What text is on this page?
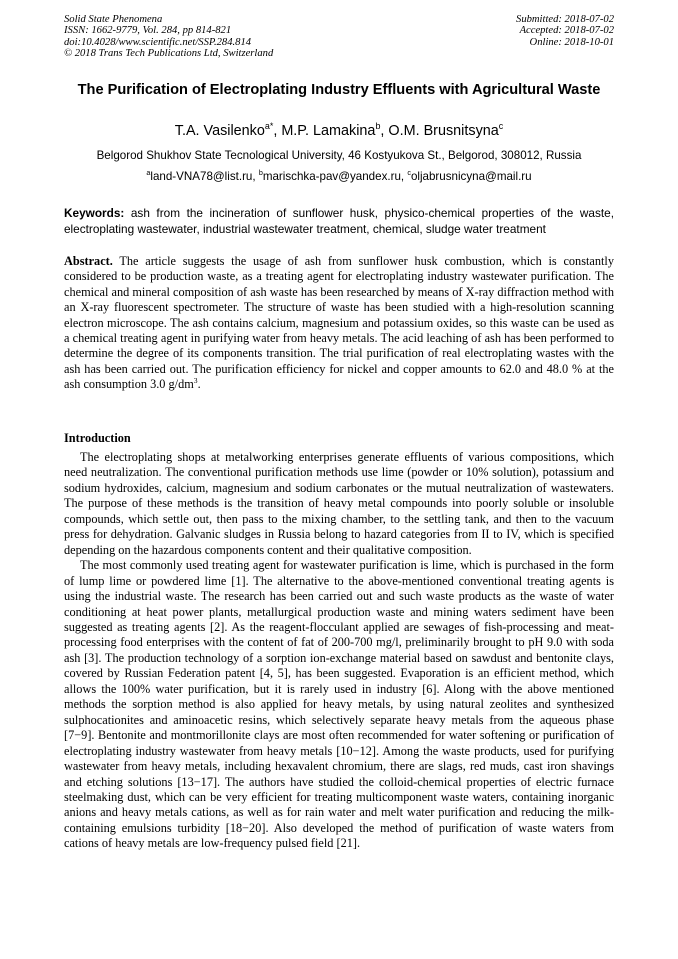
Solid State Phenomena
ISSN: 1662-9779, Vol. 284, pp 814-821
doi:10.4028/www.scientific.net/SSP.284.814
© 2018 Trans Tech Publications Ltd, Switzerland
Submitted: 2018-07-02
Accepted: 2018-07-02
Online: 2018-10-01
The Purification of Electroplating Industry Effluents with Agricultural Waste
T.A. Vasilenko$^{a*}$, M.P. Lamakina$^b$, O.M. Brusnitsyna$^c$
Belgorod Shukhov State Tecnological University, 46 Kostyukova St., Belgorod, 308012, Russia
$^a$land-VNA78@list.ru, $^b$marischka-pav@yandex.ru, $^c$oljabrusnicyna@mail.ru
Keywords: ash from the incineration of sunflower husk, physico-chemical properties of the waste, electroplating wastewater, industrial wastewater treatment, chemical, sludge water treatment
Abstract. The article suggests the usage of ash from sunflower husk combustion, which is constantly considered to be production waste, as a treating agent for electroplating industry wastewater purification. The chemical and mineral composition of ash waste has been researched by means of X-ray diffraction method with an X-ray fluorescent spectrometer. The structure of waste has been studied with a high-resolution scanning electron microscope. The ash contains calcium, magnesium and potassium oxides, so this waste can be used as a chemical treating agent in purifying water from heavy metals. The acid leaching of ash has been performed to determine the degree of its components transition. The trial purification of real electroplating wastes with the ash has been carried out. The purification efficiency for nickel and copper amounts to 62.0 and 48.0 % at the ash consumption 3.0 $g/dm^3$.
Introduction

The electroplating shops at metalworking enterprises generate effluents of various compositions, which need neutralization. The conventional purification methods use lime (powder or 10% solution), potassium and sodium hydroxides, calcium, magnesium and sodium carbonates or the mutual neutralization of wastewaters. The purpose of these methods is the transition of heavy metal compounds into poorly soluble or insoluble compounds, which settle out, then pass to the mixing chamber, to the settling tank, and then to the vacuum press for dehydration. Galvanic sludges in Russia belong to hazard categories from II to IV, which is specified depending on the hazardous components content and their qualitative composition.

The most commonly used treating agent for wastewater purification is lime, which is purchased in the form of lump lime or powdered lime [1]. The alternative to the above-mentioned conventional treating agents is using the industrial waste. The research has been carried out and such waste products as the waste of water conditioning at heat power plants, metallurgical production waste and mining waters sediment have been suggested as treating agents [2]. As the reagent-flocculant applied are sewages of fish-processing and meat-processing food enterprises with the content of fat of 200-700 mg/l, preliminarily brought to pH 9.0 with soda ash [3]. The production technology of a sorption ion-exchange material based on sawdust and bentonite clays, covered by Russian Federation patent [4, 5], has been suggested. Evaporation is an efficient method, which allows the 100% water purification, but it is rarely used in industry [6]. Along with the above mentioned methods the sorption method is also applied for heavy metals, by using natural zeolites and synthesized sulphocationites and aminoacetic resins, which selectively separate heavy metals from the aqueous phase [7−9]. Bentonite and montmorillonite clays are most often recommended for water softening or purification of electroplating industry wastewater from heavy metals [10−12]. Among the waste products, used for purifying wastewater from heavy metals, including hexavalent chromium, there are slags, red muds, cast iron shavings and etching solutions [13−17]. The authors have studied the colloid-chemical properties of electric furnace steelmaking dust, which can be very efficient for treating multicomponent waste waters, containing inorganic anions and heavy metals cations, as well as for rain water and melt water purification and reducing the milk-containing emulsions turbidity [18−20]. Also developed the method of purification of waste waters from cations of heavy metals are low-frequency pulsed field [21].
